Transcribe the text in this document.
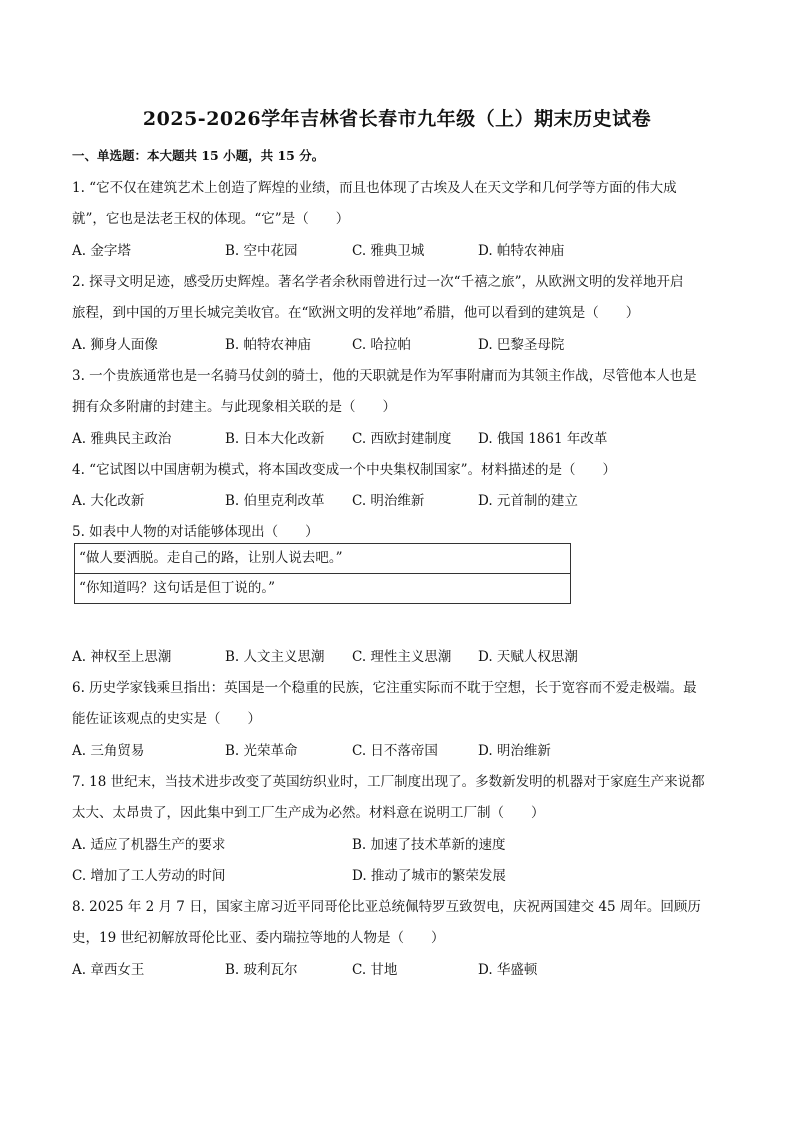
2025-2026学年吉林省长春市九年级（上）期末历史试卷
一、单选题：本大题共 15 小题，共 15 分。
1. “它不仅在建筑艺术上创造了辉煌的业绩，而且也体现了古埃及人在天文学和几何学等方面的伟大成
就”，它也是法老王权的体现。“它”是（　　）
A. 金字塔	B. 空中花园	C. 雅典卫城	D. 帕特农神庙
2. 探寻文明足迹，感受历史辉煌。著名学者余秋雨曾进行过一次“千禧之旅”，从欧洲文明的发祥地开启
旅程，到中国的万里长城完美收官。在“欧洲文明的发祥地”希腊，他可以看到的建筑是（　　）
A. 狮身人面像	B. 帕特农神庙	C. 哈拉帕	D. 巴黎圣母院
3. 一个贵族通常也是一名骑马仗剑的骑士，他的天职就是作为军事附庸而为其领主作战，尽管他本人也是
拥有众多附庸的封建主。与此现象相关联的是（　　）
A. 雅典民主政治	B. 日本大化改新 C. 西欧封建制度 D. 俄国 1861 年改革
4. “它试图以中国唐朝为模式，将本国改变成一个中央集权制国家”。材料描述的是（　　）
A. 大化改新	B. 伯里克利改革 C. 明治维新	D. 元首制的建立
5. 如表中人物的对话能够体现出（　　）
“做人要洒脱。走自己的路，让别人说去吧。”
“你知道吗？这句话是但丁说的。”
A. 神权至上思潮	B. 人文主义思潮 C. 理性主义思潮 D. 天赋人权思潮
6. 历史学家钱乘旦指出：英国是一个稳重的民族，它注重实际而不耽于空想，长于宽容而不爱走极端。最
能佐证该观点的史实是（　　）
A. 三角贸易	B. 光荣革命	C. 日不落帝国	D. 明治维新
7. 18 世纪末，当技术进步改变了英国纺织业时，工厂制度出现了。多数新发明的机器对于家庭生产来说都
太大、太昂贵了，因此集中到工厂生产成为必然。材料意在说明工厂制（　　）
A. 适应了机器生产的要求	B. 加速了技术革新的速度
C. 增加了工人劳动的时间	D. 推动了城市的繁荣发展
8. 2025 年 2 月 7 日，国家主席习近平同哥伦比亚总统佩特罗互致贺电，庆祝两国建交 45 周年。回顾历
史，19 世纪初解放哥伦比亚、委内瑞拉等地的人物是（　　）
A. 章西女王	B. 玻利瓦尔	C. 甘地	D. 华盛顿
